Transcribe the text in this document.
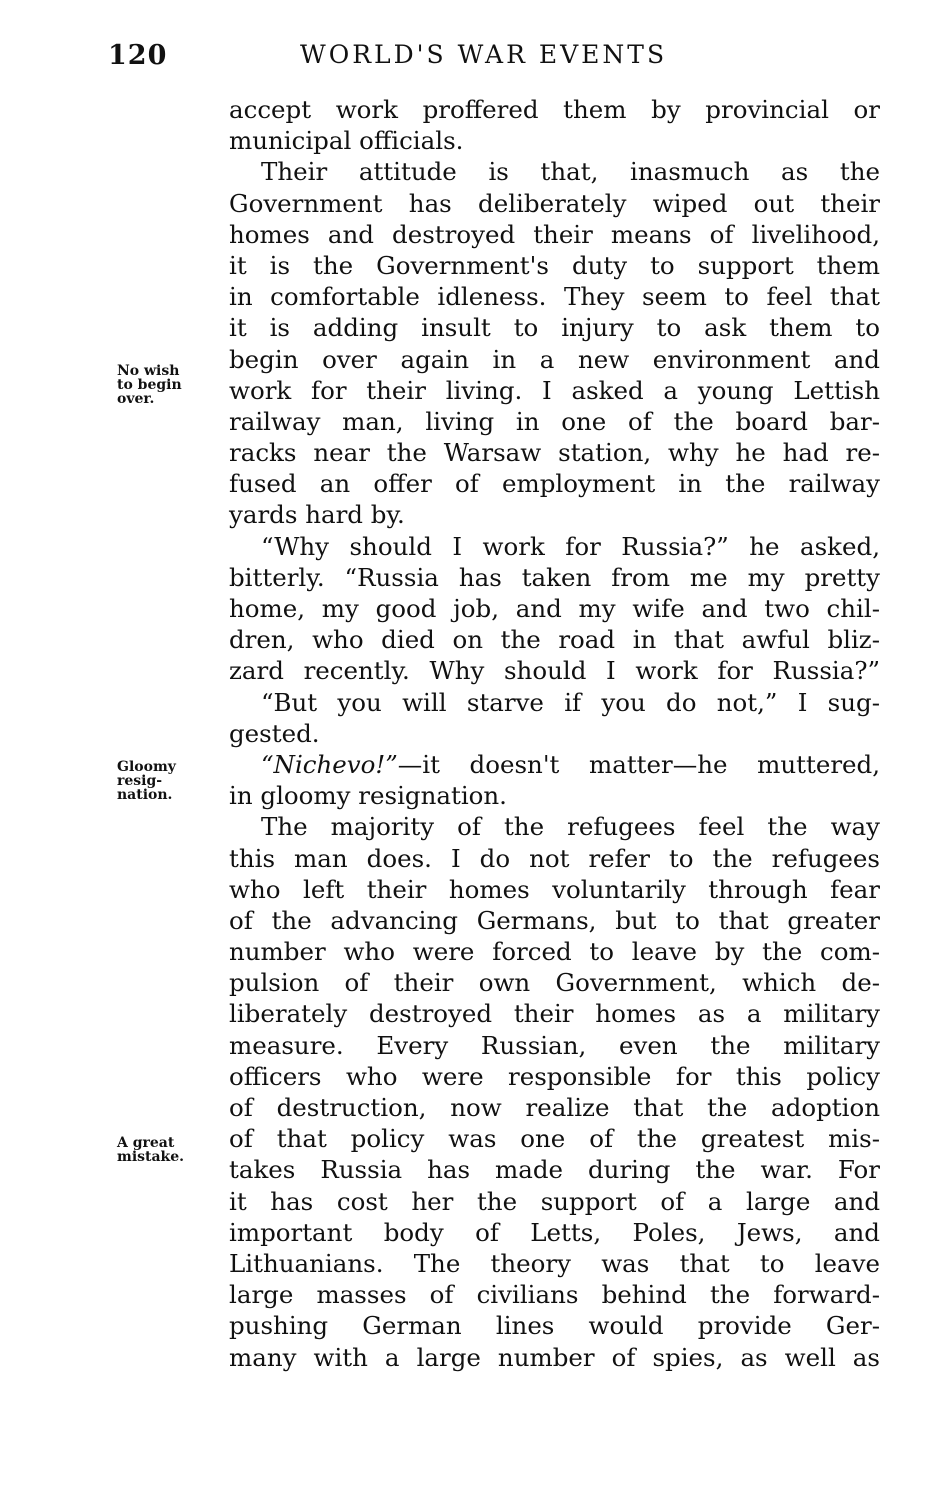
120	WORLD'S WAR EVENTS
No wish
to begin
over.
Gloomy
resig-
nation.
A great
mistake.
accept work proffered them by provincial or
municipal officials.
Their attitude is that, inasmuch as the
Government has deliberately wiped out their
homes and destroyed their means of livelihood,
it is the Government's duty to support them
in comfortable idleness. They seem to feel that
it is adding insult to injury to ask them to
begin over again in a new environment and
work for their living. I asked a young Lettish
railway man, living in one of the board bar-
racks near the Warsaw station, why he had re-
fused an offer of employment in the railway
yards hard by.
“Why should I work for Russia?” he asked,
bitterly. “Russia has taken from me my pretty
home, my good job, and my wife and two chil-
dren, who died on the road in that awful bliz-
zard recently. Why should I work for Russia?”
“But you will starve if you do not,” I sug-
gested.
“Nichevo!”—it doesn't matter—he muttered,
in gloomy resignation.
The majority of the refugees feel the way
this man does. I do not refer to the refugees
who left their homes voluntarily through fear
of the advancing Germans, but to that greater
number who were forced to leave by the com-
pulsion of their own Government, which de-
liberately destroyed their homes as a military
measure. Every Russian, even the military
officers who were responsible for this policy
of destruction, now realize that the adoption
of that policy was one of the greatest mis-
takes Russia has made during the war. For
it has cost her the support of a large and
important body of Letts, Poles, Jews, and
Lithuanians. The theory was that to leave
large masses of civilians behind the forward-
pushing German lines would provide Ger-
many with a large number of spies, as well as
